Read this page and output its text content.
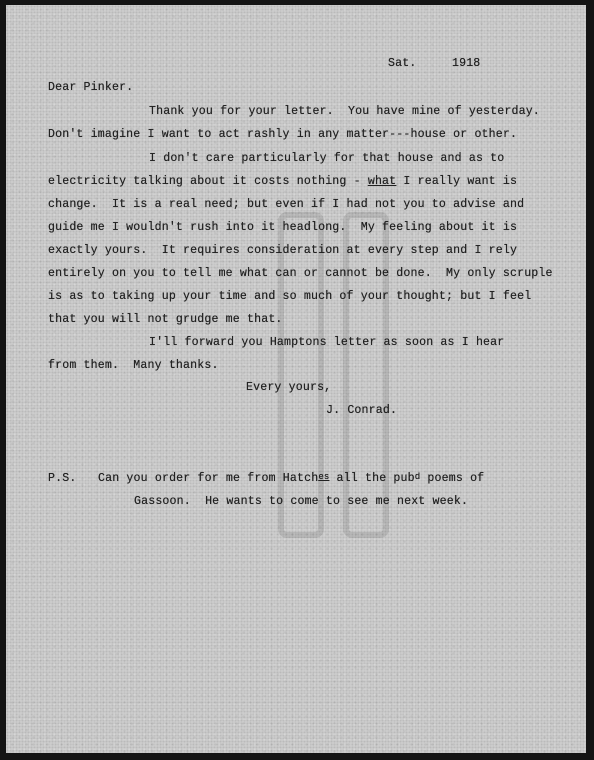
Sat.	1918
Dear Pinker.
Thank you for your letter.  You have mine of yesterday.
Don't imagine I want to act rashly in any matter---house or other.
I don't care particularly for that house and as to
electricity talking about it costs nothing - what I really want is
change.  It is a real need; but even if I had not you to advise and
guide me I wouldn't rush into it headlong.  My feeling about it is
exactly yours.  It requires consideration at every step and I rely
entirely on you to tell me what can or cannot be done.  My only scruple
is as to taking up your time and so much of your thought; but I feel
that you will not grudge me that.
I'll forward you Hamptons letter as soon as I hear
from them.  Many thanks.
Every yours,
J. Conrad.
P.S. Can you order for me from Hatch$^{es}$ all the pub$^d$ poems of
Gassoon.  He wants to come to see me next week.
